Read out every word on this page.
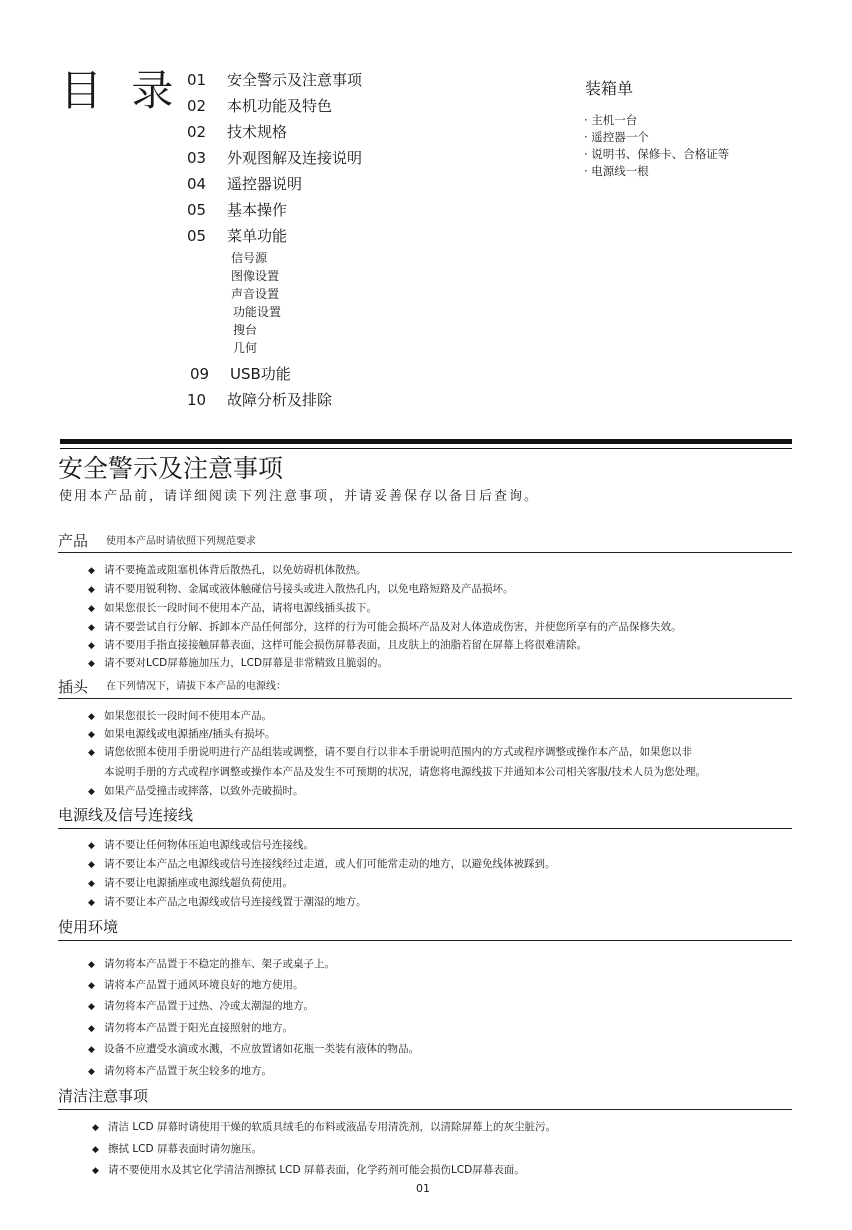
目 录 01 安全警示及注意事项
02 本机功能及特色
02 技术规格
03 外观图解及连接说明
04 遥控器说明
05 基本操作
05 菜单功能
信号源
图像设置
声音设置
功能设置
搜台
几何
09 USB功能
10 故障分析及排除
装箱单
· 主机一台
· 遥控器一个
· 说明书、保修卡、合格证等
· 电源线一根
安全警示及注意事项
使用本产品前，请详细阅读下列注意事项，并请妥善保存以备日后查询。
产品 使用本产品时请依照下列规范要求
◆ 请不要掩盖或阻塞机体背后散热孔，以免妨碍机体散热。
◆ 请不要用锐利物、金属或液体触碰信号接头或进入散热孔内，以免电路短路及产品损坏。
◆ 如果您很长一段时间不使用本产品，请将电源线插头拔下。
◆ 请不要尝试自行分解、拆卸本产品任何部分，这样的行为可能会损坏产品及对人体造成伤害，并使您所享有的产品保修失效。
◆ 请不要用手指直接接触屏幕表面，这样可能会损伤屏幕表面，且皮肤上的油脂若留在屏幕上将很难清除。
◆ 请不要对LCD屏幕施加压力，LCD屏幕是非常精致且脆弱的。
插头 在下列情况下，请拔下本产品的电源线：
◆ 如果您很长一段时间不使用本产品。
◆ 如果电源线或电源插座/插头有损坏。
◆ 请您依照本使用手册说明进行产品组装或调整，请不要自行以非本手册说明范围内的方式或程序调整或操作本产品，如果您以非
本说明手册的方式或程序调整或操作本产品及发生不可预期的状况，请您将电源线拔下并通知本公司相关客服/技术人员为您处理。
◆ 如果产品受撞击或摔落，以致外壳破损时。
电源线及信号连接线
◆ 请不要让任何物体压迫电源线或信号连接线。
◆ 请不要让本产品之电源线或信号连接线经过走道，或人们可能常走动的地方，以避免线体被踩到。
◆ 请不要让电源插座或电源线超负荷使用。
◆ 请不要让本产品之电源线或信号连接线置于潮湿的地方。
使用环境
◆ 请勿将本产品置于不稳定的推车、架子或桌子上。
◆ 请将本产品置于通风环境良好的地方使用。
◆ 请勿将本产品置于过热、冷或太潮湿的地方。
◆ 请勿将本产品置于阳光直接照射的地方。
◆ 设备不应遭受水滴或水溅，不应放置诸如花瓶一类装有液体的物品。
◆ 请勿将本产品置于灰尘较多的地方。
清洁注意事项
◆ 清洁 LCD 屏幕时请使用干燥的软质具绒毛的布料或液晶专用清洗剂，以清除屏幕上的灰尘脏污。
◆ 擦拭 LCD 屏幕表面时请勿施压。
◆ 请不要使用水及其它化学清洁剂擦拭 LCD 屏幕表面，化学药剂可能会损伤LCD屏幕表面。
01
